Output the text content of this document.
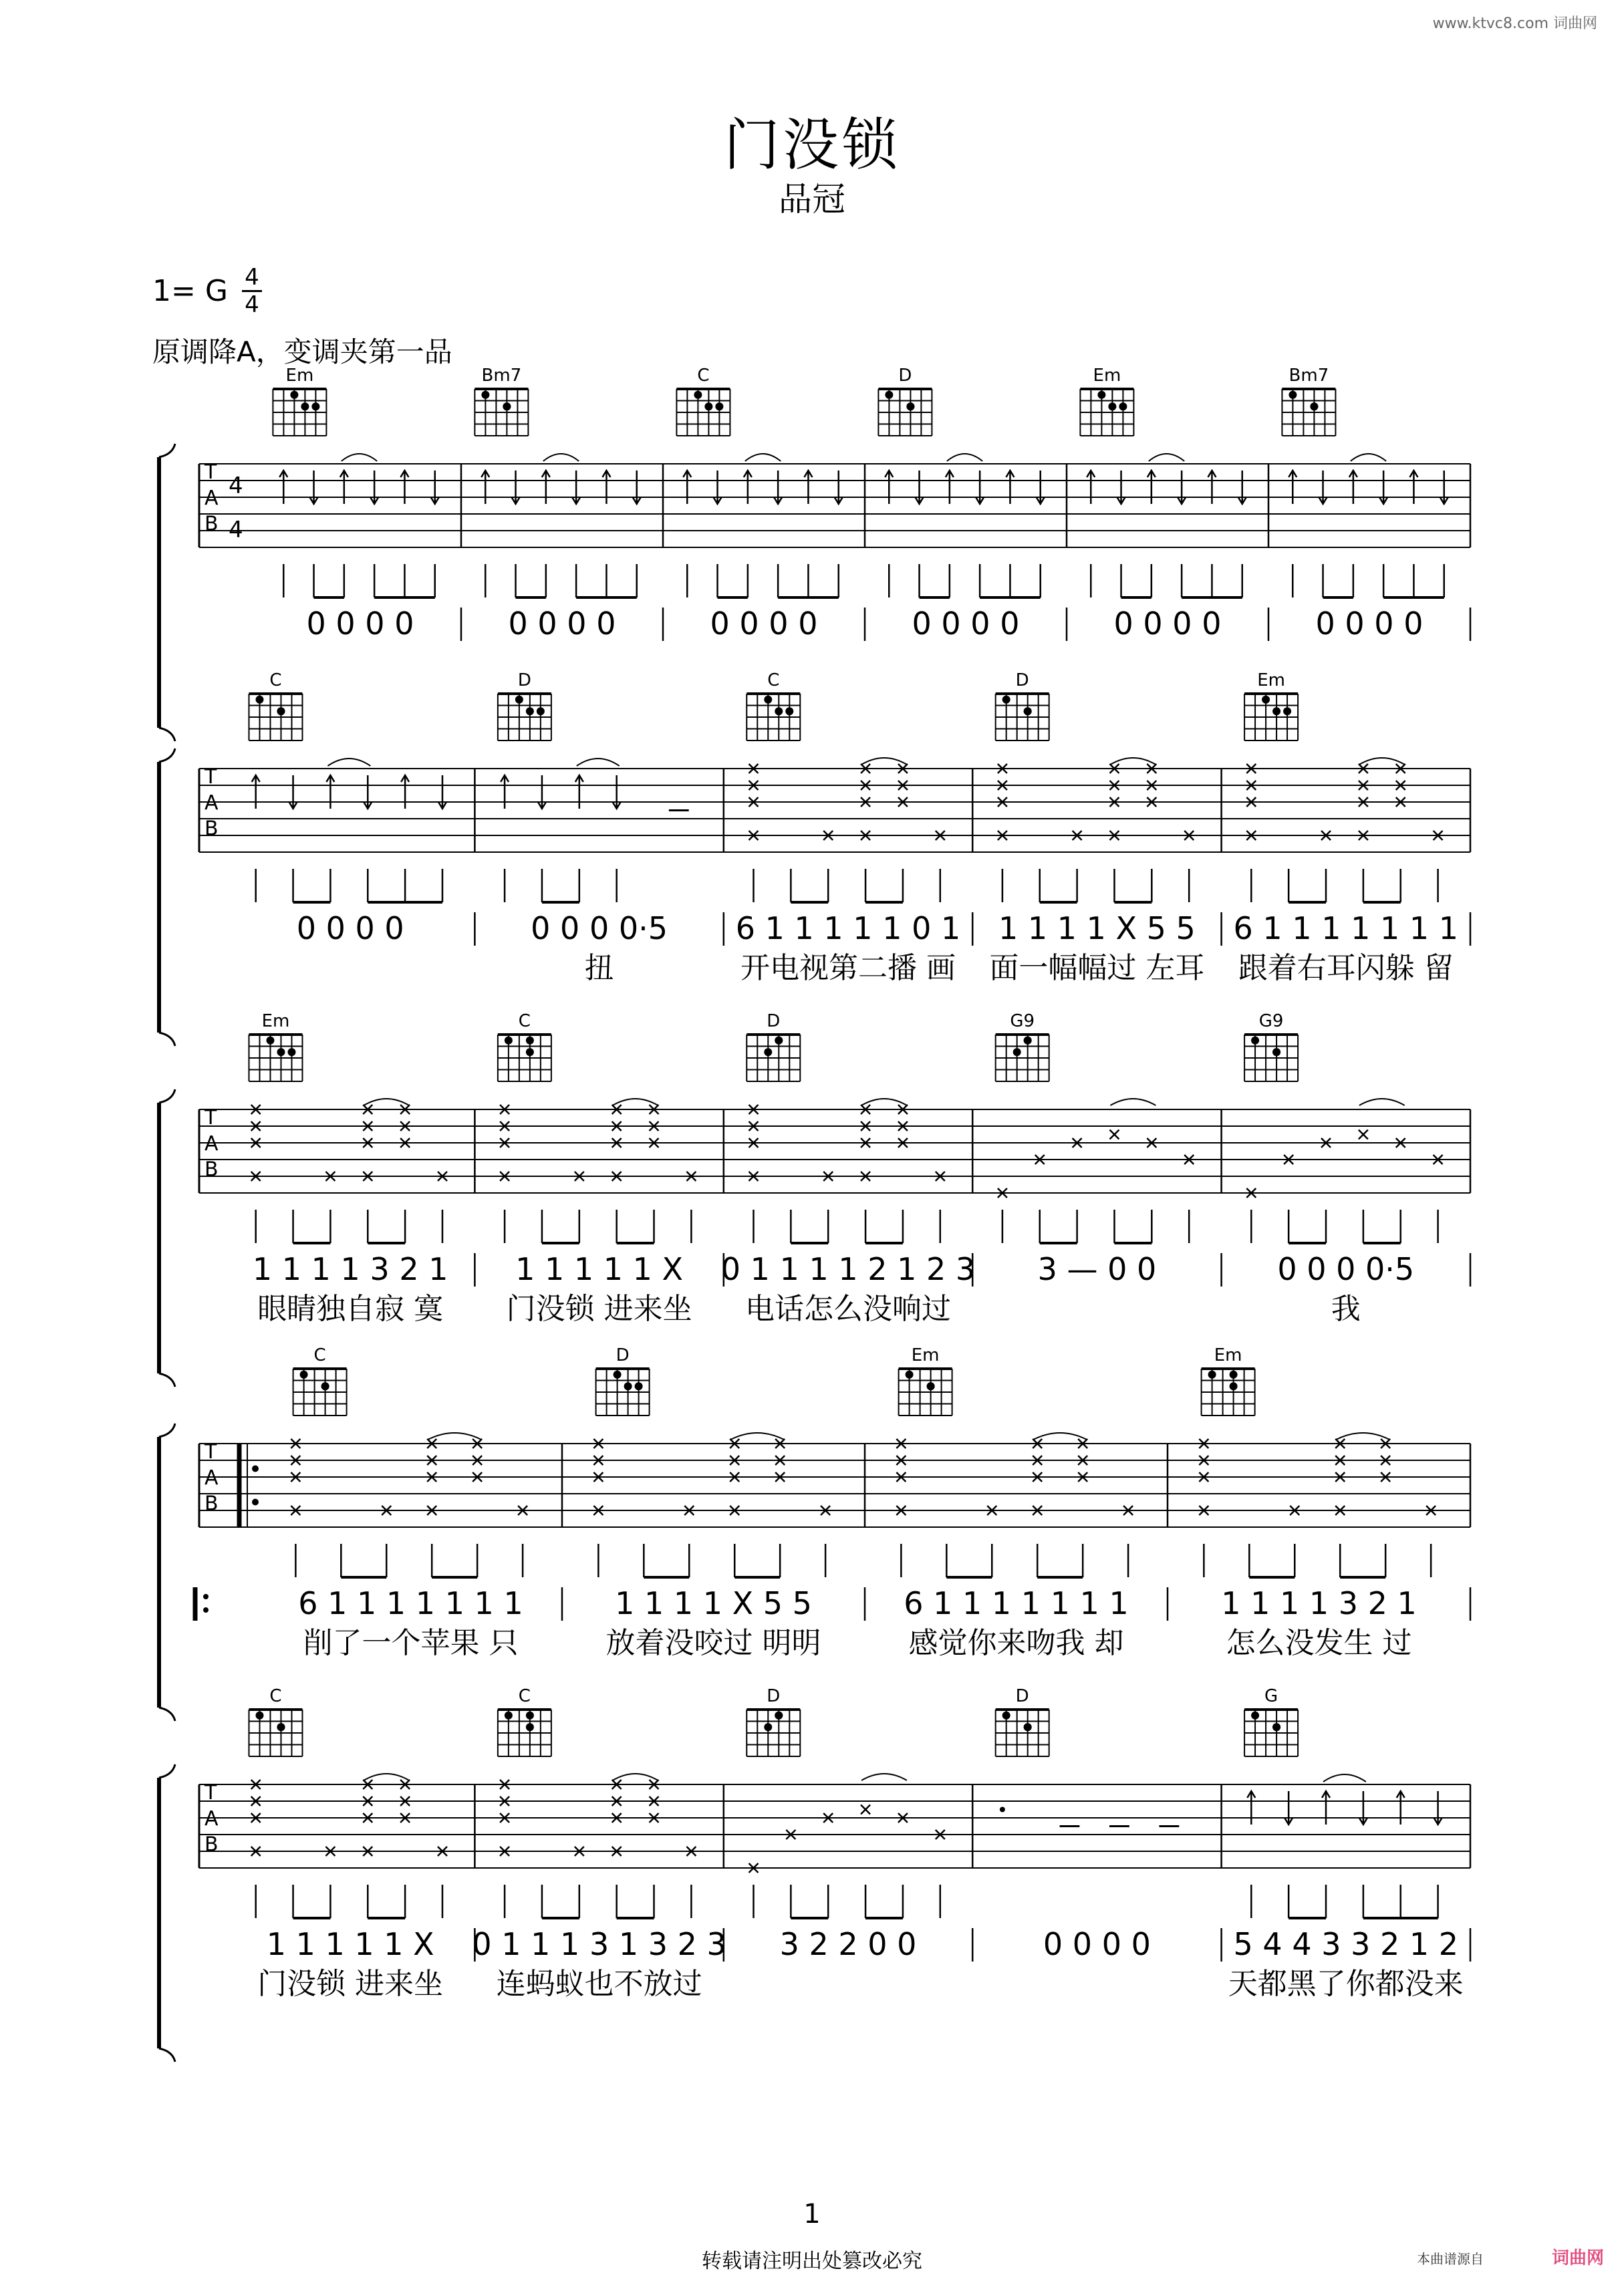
门没锁
品冠
1= G 4
4
原调降A，变调夹第一品
www.ktvc8.com 词曲网
T
A
B
4
4
Em
0 0 0 0
Bm7
0 0 0 0
C
0 0 0 0
D
0 0 0 0
Em
0 0 0 0
Bm7
0 0 0 0
T
A
B
C
0 0 0 0
D
0 0 0 0·5
扭
C
6 1 1 1 1 1 0 1
开电视第二播 画
D
1 1 1 1 X 5 5
面一幅幅过 左耳
Em
6 1 1 1 1 1 1 1
跟着右耳闪躲 留
T
A
B
Em
1 1 1 1 3 2 1
眼睛独自寂 寞
C
1 1 1 1 1 X
门没锁 进来坐
D
0 1 1 1 1 2 1 2 3
电话怎么没响过
G9
3 — 0 0
G9
0 0 0 0·5
我
T
A
B
C
6 1 1 1 1 1 1 1
削了一个苹果 只
D
1 1 1 1 X 5 5
放着没咬过 明明
Em
6 1 1 1 1 1 1 1
感觉你来吻我 却
Em
1 1 1 1 3 2 1
怎么没发生 过
T
A
B
C
1 1 1 1 1 X
门没锁 进来坐
C
0 1 1 1 3 1 3 2 3
连蚂蚁也不放过
D
3 2 2 0 0
D
0 0 0 0
G
5 4 4 3 3 2 1 2
天都黑了你都没来
1
转载请注明出处篡改必究	本曲谱源自	词曲网
